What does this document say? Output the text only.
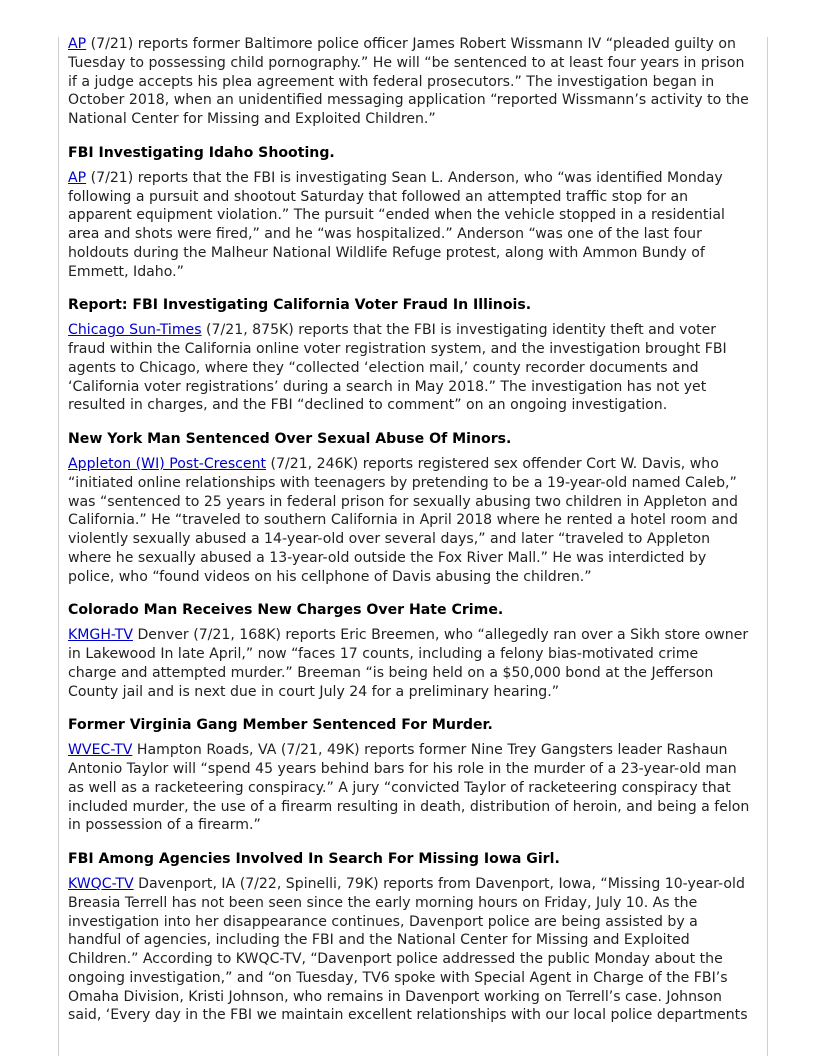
AP (7/21) reports former Baltimore police officer James Robert Wissmann IV “pleaded guilty on Tuesday to possessing child pornography.” He will “be sentenced to at least four years in prison if a judge accepts his plea agreement with federal prosecutors.” The investigation began in October 2018, when an unidentified messaging application “reported Wissmann’s activity to the National Center for Missing and Exploited Children.”

FBI Investigating Idaho Shooting.

AP (7/21) reports that the FBI is investigating Sean L. Anderson, who “was identified Monday following a pursuit and shootout Saturday that followed an attempted traffic stop for an apparent equipment violation.” The pursuit “ended when the vehicle stopped in a residential area and shots were fired,” and he “was hospitalized.” Anderson “was one of the last four holdouts during the Malheur National Wildlife Refuge protest, along with Ammon Bundy of Emmett, Idaho.”

Report: FBI Investigating California Voter Fraud In Illinois.

Chicago Sun-Times (7/21, 875K) reports that the FBI is investigating identity theft and voter fraud within the California online voter registration system, and the investigation brought FBI agents to Chicago, where they “collected ‘election mail,’ county recorder documents and ‘California voter registrations’ during a search in May 2018.” The investigation has not yet resulted in charges, and the FBI “declined to comment” on an ongoing investigation.

New York Man Sentenced Over Sexual Abuse Of Minors.

Appleton (WI) Post-Crescent (7/21, 246K) reports registered sex offender Cort W. Davis, who “initiated online relationships with teenagers by pretending to be a 19-year-old named Caleb,” was “sentenced to 25 years in federal prison for sexually abusing two children in Appleton and California.” He “traveled to southern California in April 2018 where he rented a hotel room and violently sexually abused a 14-year-old over several days,” and later “traveled to Appleton where he sexually abused a 13-year-old outside the Fox River Mall.” He was interdicted by police, who “found videos on his cellphone of Davis abusing the children.”

Colorado Man Receives New Charges Over Hate Crime.

KMGH-TV Denver (7/21, 168K) reports Eric Breemen, who “allegedly ran over a Sikh store owner in Lakewood In late April,” now “faces 17 counts, including a felony bias-motivated crime charge and attempted murder.” Breeman “is being held on a $50,000 bond at the Jefferson County jail and is next due in court July 24 for a preliminary hearing.”

Former Virginia Gang Member Sentenced For Murder.

WVEC-TV Hampton Roads, VA (7/21, 49K) reports former Nine Trey Gangsters leader Rashaun Antonio Taylor will “spend 45 years behind bars for his role in the murder of a 23-year-old man as well as a racketeering conspiracy.” A jury “convicted Taylor of racketeering conspiracy that included murder, the use of a firearm resulting in death, distribution of heroin, and being a felon in possession of a firearm.”

FBI Among Agencies Involved In Search For Missing Iowa Girl.

KWQC-TV Davenport, IA (7/22, Spinelli, 79K) reports from Davenport, Iowa, “Missing 10-year-old Breasia Terrell has not been seen since the early morning hours on Friday, July 10. As the investigation into her disappearance continues, Davenport police are being assisted by a handful of agencies, including the FBI and the National Center for Missing and Exploited Children.” According to KWQC-TV, “Davenport police addressed the public Monday about the ongoing investigation,” and “on Tuesday, TV6 spoke with Special Agent in Charge of the FBI’s Omaha Division, Kristi Johnson, who remains in Davenport working on Terrell’s case. Johnson said, ‘Every day in the FBI we maintain excellent relationships with our local police departments
